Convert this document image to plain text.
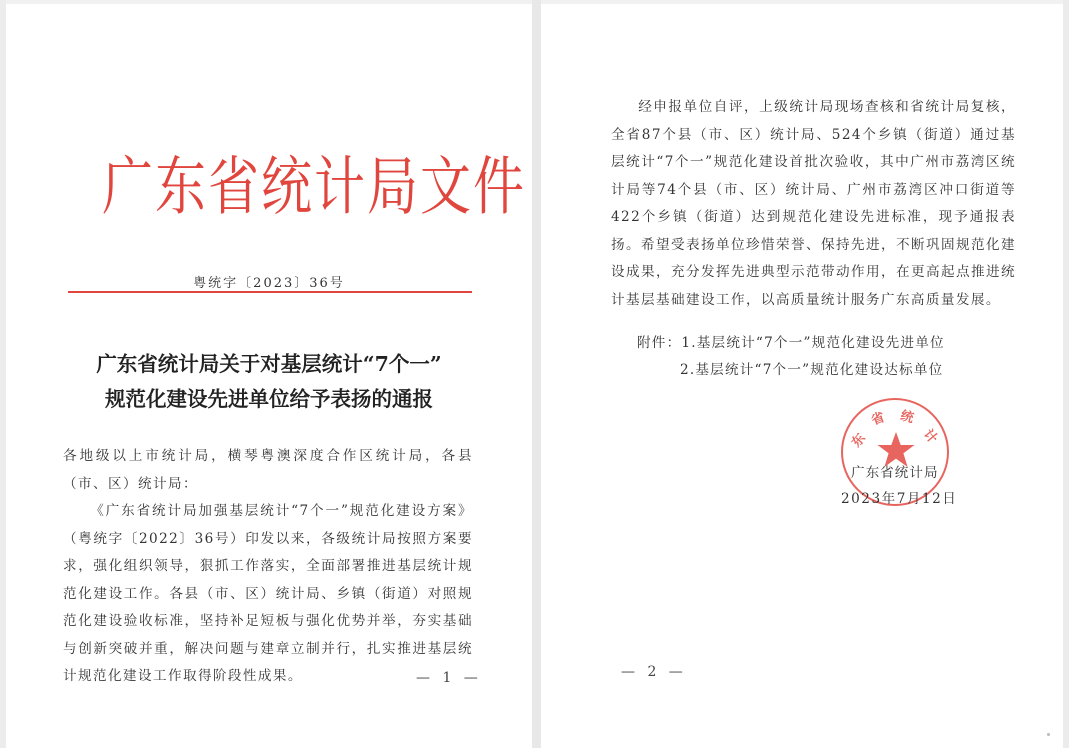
广东省统计局文件
粤统字〔2023〕36号
广东省统计局关于对基层统计“7个一”
规范化建设先进单位给予表扬的通报
各地级以上市统计局，横琴粤澳深度合作区统计局，各县（市、区）统计局：
《广东省统计局加强基层统计“7个一”规范化建设方案》（粤统字〔2022〕36号）印发以来，各级统计局按照方案要求，强化组织领导，狠抓工作落实，全面部署推进基层统计规范化建设工作。各县（市、区）统计局、乡镇（街道）对照规范化建设验收标准，坚持补足短板与强化优势并举，夯实基础与创新突破并重，解决问题与建章立制并行，扎实推进基层统计规范化建设工作取得阶段性成果。	— 1 —
经申报单位自评，上级统计局现场查核和省统计局复核，全省87个县（市、区）统计局、524个乡镇（街道）通过基层统计“7个一”规范化建设首批次验收，其中广州市荔湾区统计局等74个县（市、区）统计局、广州市荔湾区冲口街道等422个乡镇（街道）达到规范化建设先进标准，现予通报表扬。希望受表扬单位珍惜荣誉、保持先进，不断巩固规范化建设成果，充分发挥先进典型示范带动作用，在更高起点推进统计基层基础建设工作，以高质量统计服务广东高质量发展。
附件：1.基层统计“7个一”规范化建设先进单位
2.基层统计“7个一”规范化建设达标单位
东
省 统
计
广东省统计局
2023年7月12日
— 2 —
